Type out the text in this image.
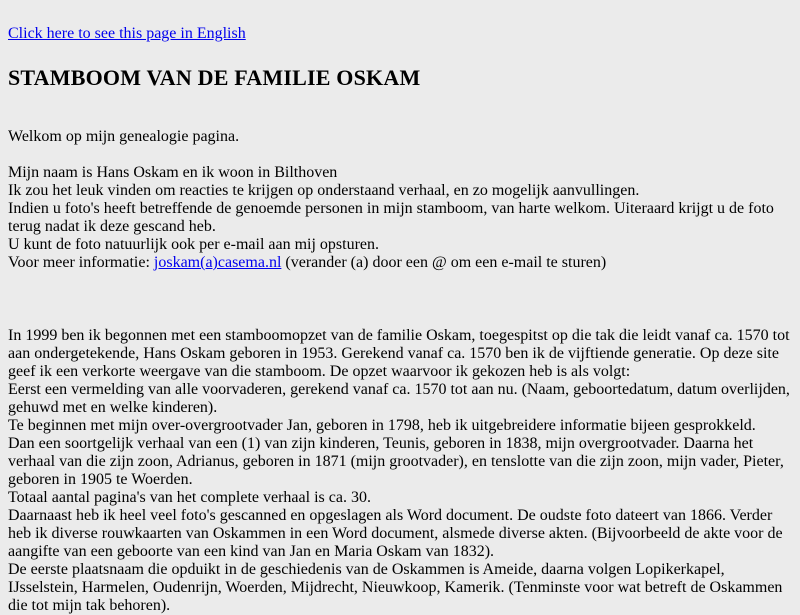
Click here to see this page in English
STAMBOOM VAN DE FAMILIE OSKAM

Welkom op mijn genealogie pagina.

Mijn naam is Hans Oskam en ik woon in Bilthoven

Ik zou het leuk vinden om reacties te krijgen op onderstaand verhaal, en zo mogelijk aanvullingen.

Indien u foto's heeft betreffende de genoemde personen in mijn stamboom, van harte welkom. Uiteraard krijgt u de foto terug nadat ik deze gescand heb.

U kunt de foto natuurlijk ook per e-mail aan mij opsturen.

Voor meer informatie: joskam(a)casema.nl (verander (a) door een @ om een e-mail te sturen)

In 1999 ben ik begonnen met een stamboomopzet van de familie Oskam, toegespitst op die tak die leidt vanaf ca. 1570 tot aan ondergetekende, Hans Oskam geboren in 1953. Gerekend vanaf ca. 1570 ben ik de vijftiende generatie. Op deze site geef ik een verkorte weergave van die stamboom. De opzet waarvoor ik gekozen heb is als volgt:

Eerst een vermelding van alle voorvaderen, gerekend vanaf ca. 1570 tot aan nu. (Naam, geboortedatum, datum overlijden, gehuwd met en welke kinderen).

Te beginnen met mijn over-overgrootvader Jan, geboren in 1798, heb ik uitgebreidere informatie bijeen gesprokkeld.

Dan een soortgelijk verhaal van een (1) van zijn kinderen, Teunis, geboren in 1838, mijn overgrootvader. Daarna het verhaal van die zijn zoon, Adrianus, geboren in 1871 (mijn grootvader), en tenslotte van die zijn zoon, mijn vader, Pieter, geboren in 1905 te Woerden.

Totaal aantal pagina's van het complete verhaal is ca. 30.

Daarnaast heb ik heel veel foto's gescanned en opgeslagen als Word document. De oudste foto dateert van 1866. Verder heb ik diverse rouwkaarten van Oskammen in een Word document, alsmede diverse akten. (Bijvoorbeeld de akte voor de aangifte van een geboorte van een kind van Jan en Maria Oskam van 1832).

De eerste plaatsnaam die opduikt in de geschiedenis van de Oskammen is Ameide, daarna volgen Lopikerkapel, IJsselstein, Harmelen, Oudenrijn, Woerden, Mijdrecht, Nieuwkoop, Kamerik. (Tenminste voor wat betreft de Oskammen die tot mijn tak behoren).
